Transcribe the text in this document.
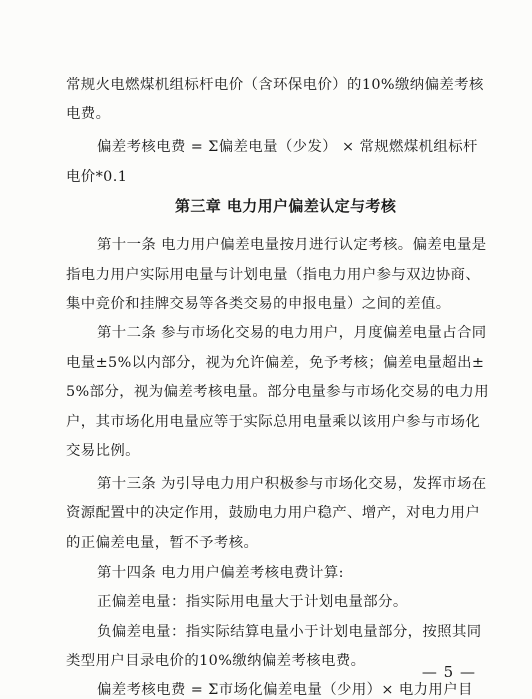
常规火电燃煤机组标杆电价（含环保电价）的10%缴纳偏差考核
电费。
偏差考核电费 = Σ偏差电量（少发） × 常规燃煤机组标杆
电价*0.1
第三章 电力用户偏差认定与考核
第十一条 电力用户偏差电量按月进行认定考核。偏差电量是
指电力用户实际用电量与计划电量（指电力用户参与双边协商、
集中竞价和挂牌交易等各类交易的申报电量）之间的差值。
第十二条 参与市场化交易的电力用户，月度偏差电量占合同
电量±5%以内部分，视为允许偏差，免予考核；偏差电量超出±
5%部分，视为偏差考核电量。部分电量参与市场化交易的电力用
户，其市场化用电量应等于实际总用电量乘以该用户参与市场化
交易比例。
第十三条 为引导电力用户积极参与市场化交易，发挥市场在
资源配置中的决定作用，鼓励电力用户稳产、增产，对电力用户
的正偏差电量，暂不予考核。
第十四条 电力用户偏差考核电费计算:
正偏差电量：指实际用电量大于计划电量部分。
负偏差电量：指实际结算电量小于计划电量部分，按照其同
类型用户目录电价的10%缴纳偏差考核电费。
偏差考核电费 = Σ市场化偏差电量（少用）× 电力用户目
— 5 —
